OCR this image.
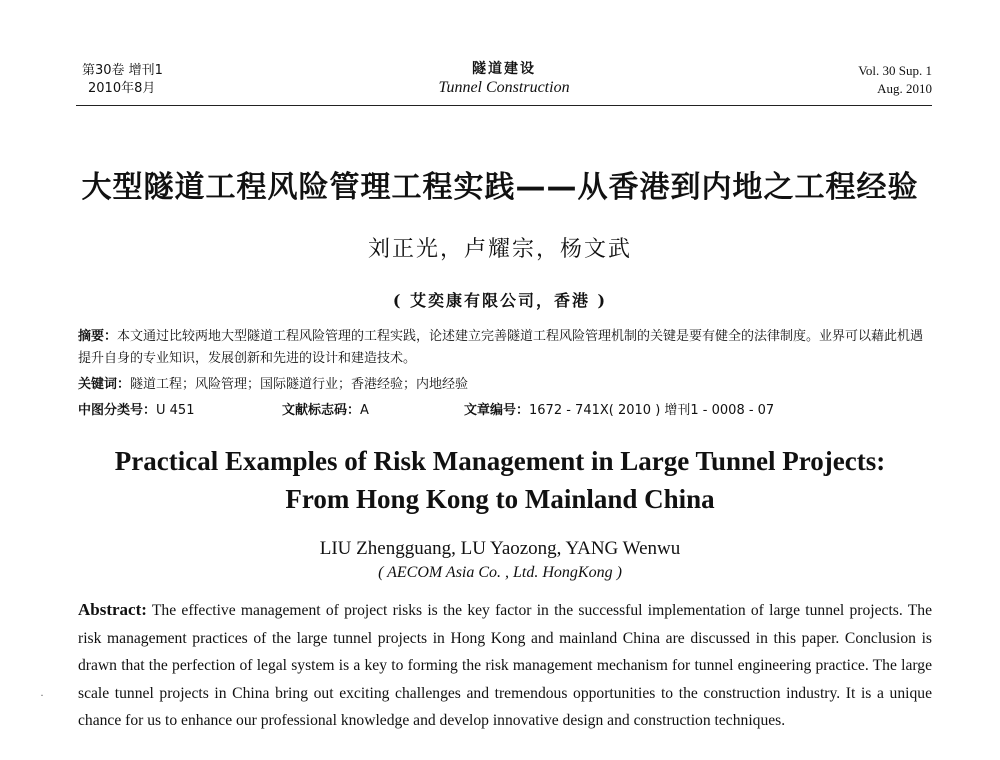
第30卷 增刊1
2010年8月
隧道建设
Tunnel Construction
Vol. 30 Sup. 1
Aug. 2010
大型隧道工程风险管理工程实践——从香港到内地之工程经验
刘正光，卢耀宗，杨文武
( 艾奕康有限公司，香港 )
摘要：本文通过比较两地大型隧道工程风险管理的工程实践，论述建立完善隧道工程风险管理机制的关键是要有健全的法律制度。业界可以藉此机遇提升自身的专业知识，发展创新和先进的设计和建造技术。
关键词：隧道工程；风险管理；国际隧道行业；香港经验；内地经验
中图分类号：U 451	文献标志码：A	文章编号：1672 - 741X( 2010 ) 增刊1 - 0008 - 07
Practical Examples of Risk Management in Large Tunnel Projects:
From Hong Kong to Mainland China
LIU Zhengguang, LU Yaozong, YANG Wenwu
( AECOM Asia Co. , Ltd. HongKong )
Abstract: The effective management of project risks is the key factor in the successful implementation of large tunnel projects. The risk management practices of the large tunnel projects in Hong Kong and mainland China are discussed in this paper. Conclusion is drawn that the perfection of legal system is a key to forming the risk management mechanism for tunnel engineering practice. The large scale tunnel projects in China bring out exciting challenges and tremendous opportunities to the construction industry. It is a unique chance for us to enhance our professional knowledge and develop innovative design and construction techniques.
·
